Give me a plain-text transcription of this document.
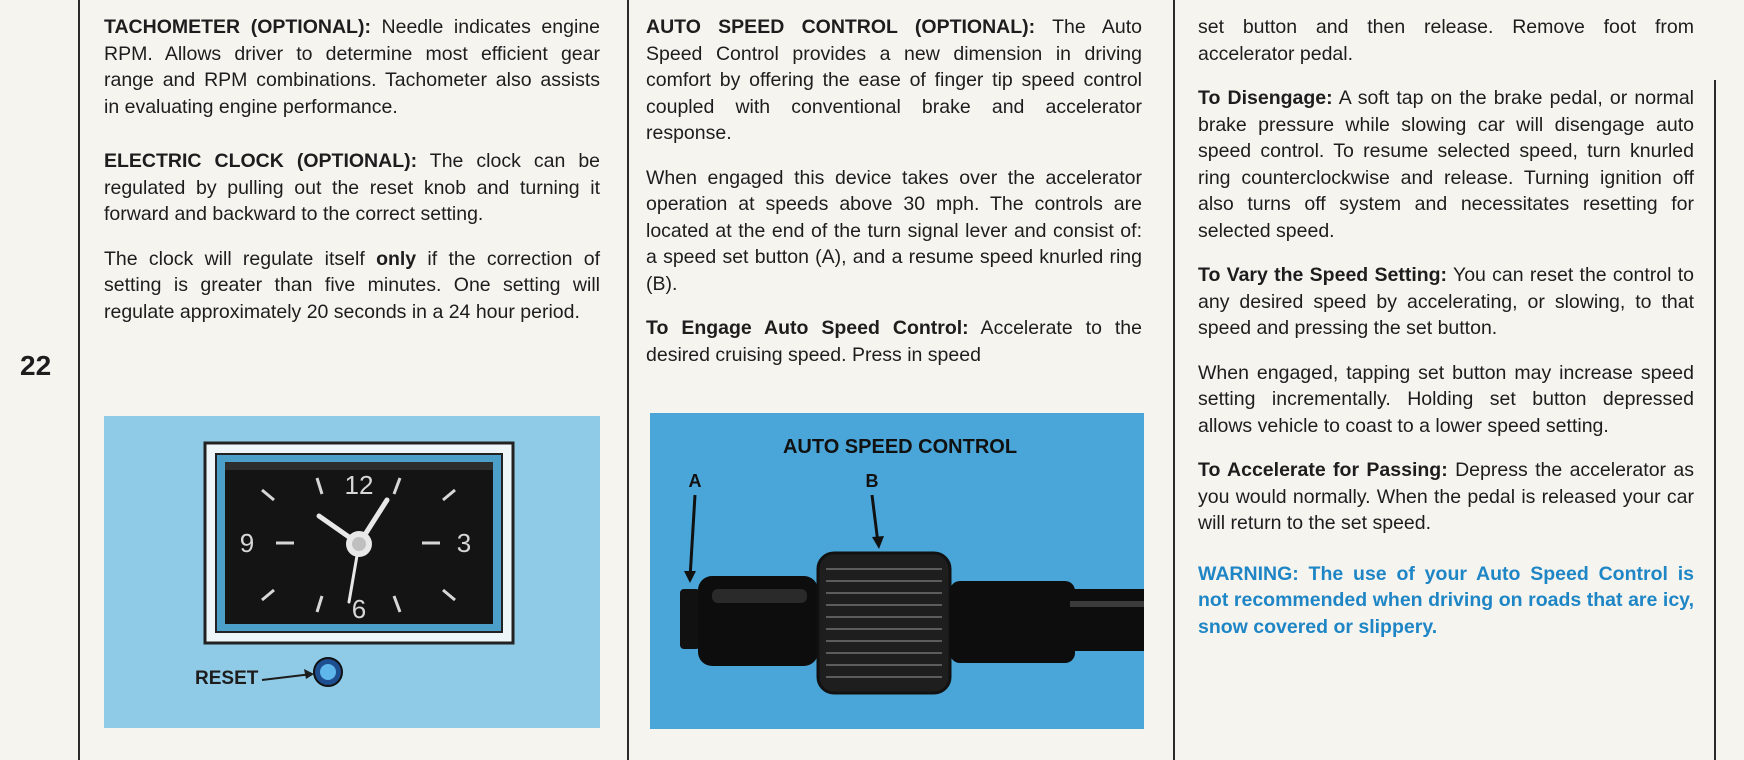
22

TACHOMETER (OPTIONAL): Needle indicates engine RPM. Allows driver to determine most efficient gear range and RPM combinations. Tachometer also assists in evaluating engine performance.

ELECTRIC CLOCK (OPTIONAL): The clock can be regulated by pulling out the reset knob and turning it forward and backward to the correct setting.

The clock will regulate itself only if the correction of setting is greater than five minutes. One setting will regulate approximately 20 seconds in a 24 hour period.

12
9	3
6
RESET

AUTO SPEED CONTROL (OPTIONAL): The Auto Speed Control provides a new dimension in driving comfort by offering the ease of finger tip speed control coupled with conventional brake and accelerator response.

When engaged this device takes over the accelerator operation at speeds above 30 mph. The controls are located at the end of the turn signal lever and consist of: a speed set button (A), and a resume speed knurled ring (B).

To Engage Auto Speed Control: Accelerate to the desired cruising speed. Press in speed

AUTO SPEED CONTROL
A	B

set button and then release. Remove foot from accelerator pedal.

To Disengage: A soft tap on the brake pedal, or normal brake pressure while slowing car will disengage auto speed control. To resume selected speed, turn knurled ring counterclockwise and release. Turning ignition off also turns off system and necessitates resetting for selected speed.

To Vary the Speed Setting: You can reset the control to any desired speed by accelerating, or slowing, to that speed and pressing the set button.

When engaged, tapping set button may increase speed setting incrementally. Holding set button depressed allows vehicle to coast to a lower speed setting.

To Accelerate for Passing: Depress the accelerator as you would normally. When the pedal is released your car will return to the set speed.

WARNING: The use of your Auto Speed Control is not recommended when driving on roads that are icy, snow covered or slippery.
